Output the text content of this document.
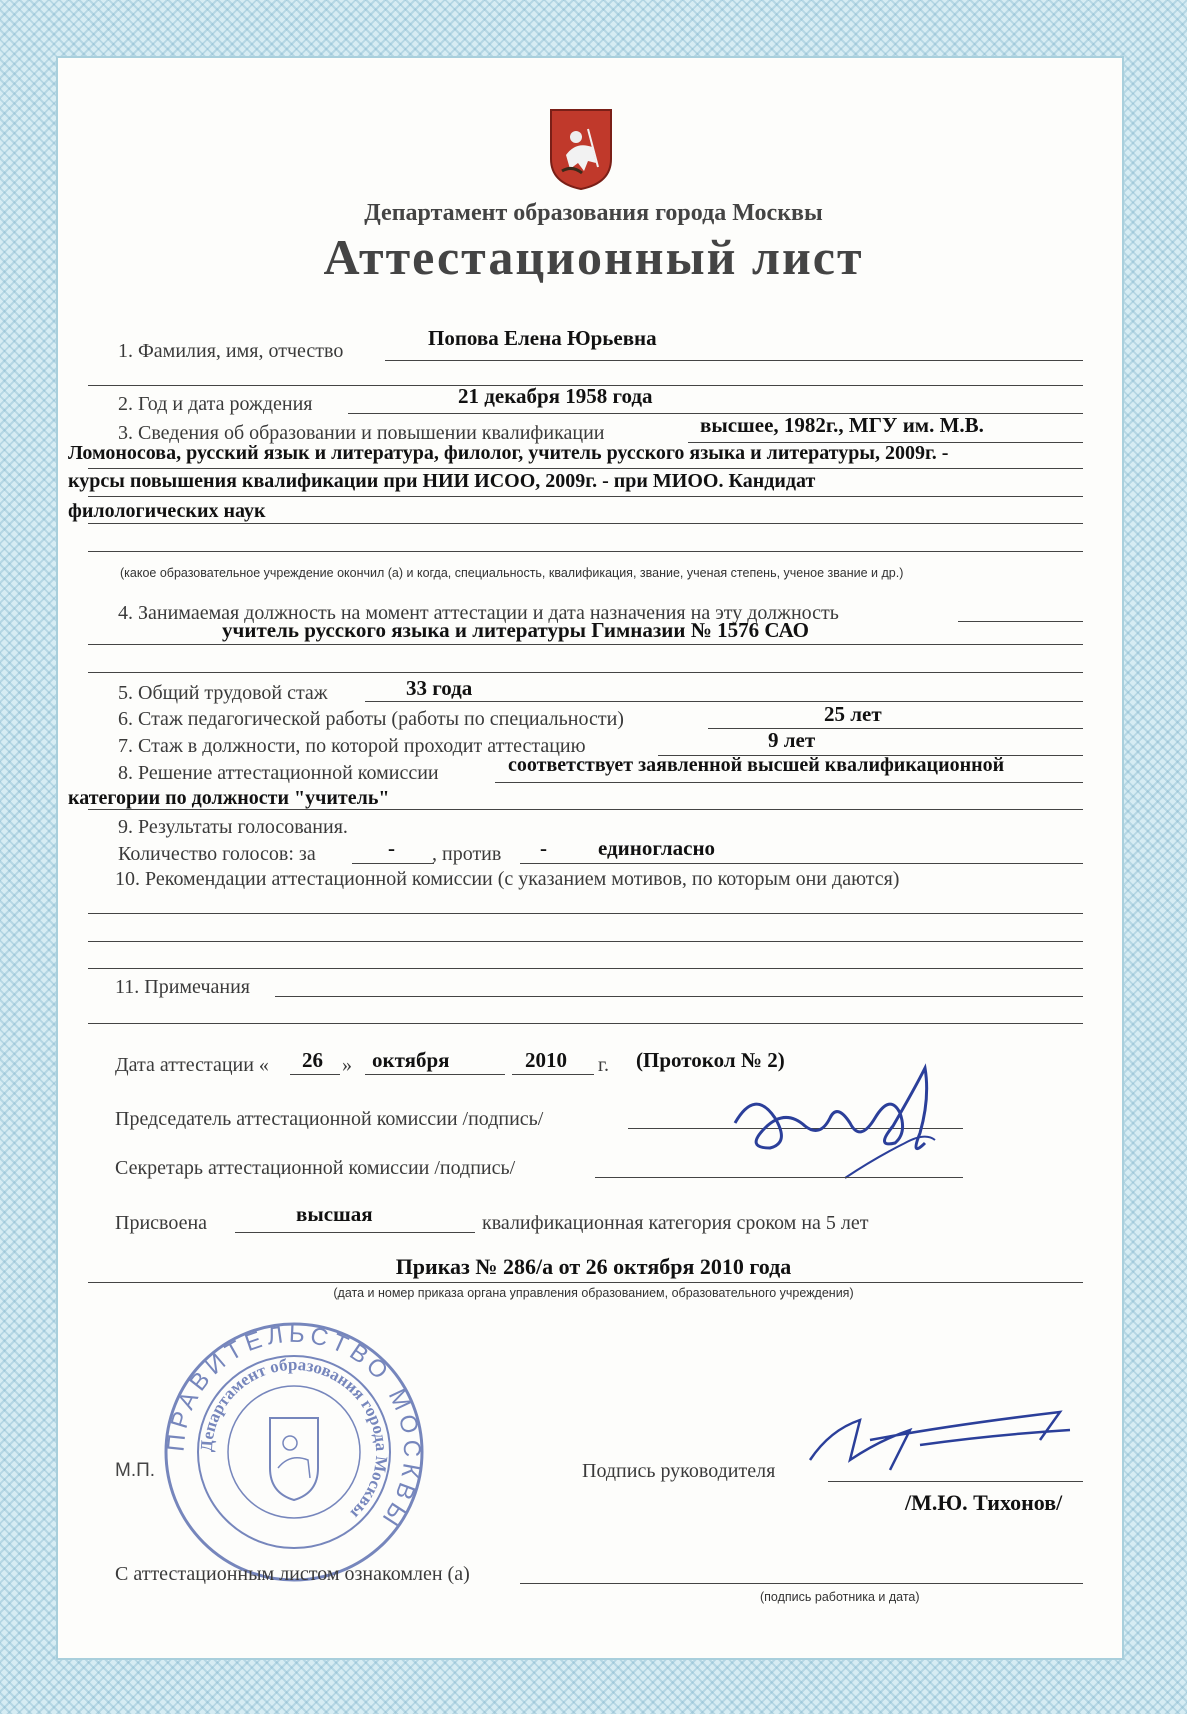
Департамент образования города Москвы
Аттестационный лист
1. Фамилия, имя, отчество
Попова Елена Юрьевна
2. Год и дата рождения	21 декабря 1958 года
3. Сведения об образовании и повышении квалификации	высшее, 1982г., МГУ им. М.В.
Ломоносова, русский язык и литература, филолог, учитель русского языка и литературы, 2009г. -
курсы повышения квалификации при НИИ ИСОО, 2009г. - при МИОО. Кандидат
филологических наук
(какое образовательное учреждение окончил (а) и когда, специальность, квалификация, звание, ученая степень, ученое звание и др.)
4. Занимаемая должность на момент аттестации и дата назначения на эту должность
учитель русского языка и литературы Гимназии № 1576 САО
5. Общий трудовой стаж	33 года
6. Стаж педагогической работы (работы по специальности)	25 лет
7. Стаж в должности, по которой проходит аттестацию	9 лет
8. Решение аттестационной комиссии	соответствует заявленной высшей квалификационной
категории по должности "учитель"
9. Результаты голосования.
Количество голосов: за	- , против - единогласно
10. Рекомендации аттестационной комиссии (с указанием мотивов, по которым они даются)
11. Примечания
Дата аттестации « 26 » октября	2010 г. (Протокол № 2)
Председатель аттестационной комиссии /подпись/
Секретарь аттестационной комиссии /подпись/
Присвоена	высшая	квалификационная категория сроком на 5 лет
Приказ № 286/а от 26 октября 2010 года
(дата и номер приказа органа управления образованием, образовательного учреждения)
ПРАВИТЕЛЬСТВО МОСКВЫ
Департамент образования города Москвы
М.П.	Подпись руководителя
/М.Ю. Тихонов/
С аттестационным листом ознакомлен (а)
(подпись работника и дата)
